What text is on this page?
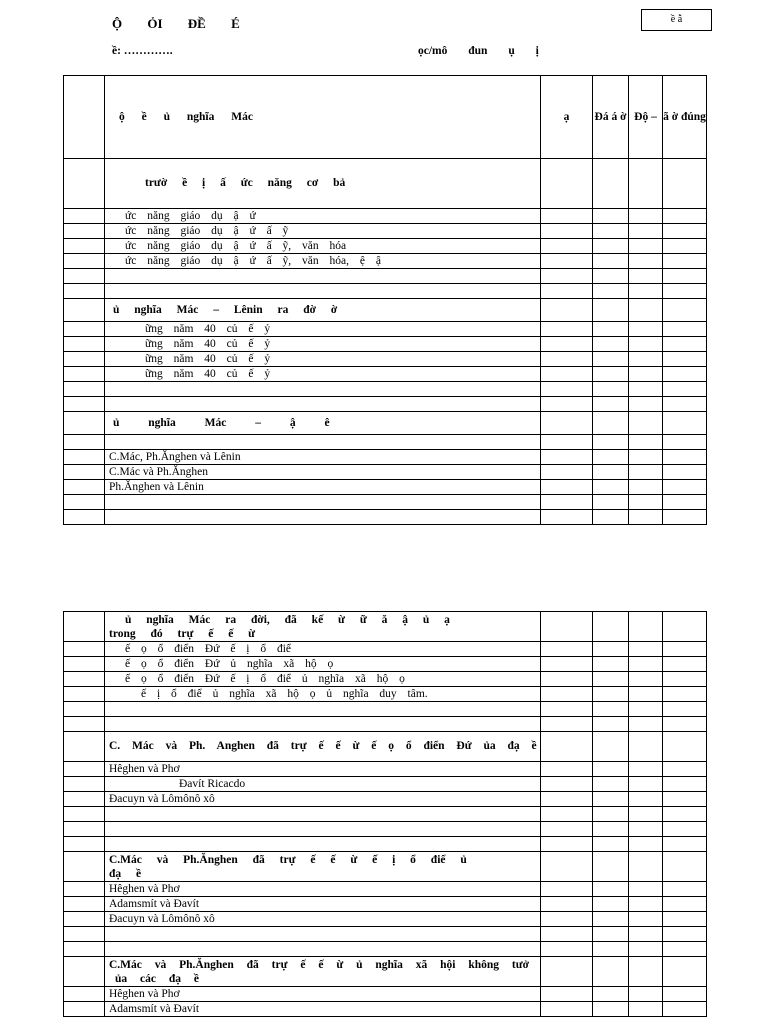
Ộ ỎI ĐỀ É	ề ẫ
ề: ………….	ọc/mô đun ụ ị
	ộ ề ủ nghĩa Mác	ạ	Đá á ờ	Độ –	ã ờ đúng
	trườ ề ị ấ ức năng cơ bả				
	ức năng giáo dụ ậ ứ				
	ức năng giáo dụ ậ ứ ấ ỹ				
	ức năng giáo dụ ậ ứ ấ ỹ, văn hóa				
	ức năng giáo dụ ậ ứ ấ ỹ, văn hóa, ệ ậ				

	ủ nghĩa Mác – Lênin ra đờ ờ				
	ững năm 40 củ ế ỷ				
	ững năm 40 củ ế ỷ				
	ững năm 40 củ ế ỷ				
	ững năm 40 củ ế ỷ				

	ủ nghĩa Mác – ậ ê				

	C.Mác, Ph.Ănghen và Lênin				
	C.Mác và Ph.Ănghen				
	Ph.Ănghen và Lênin				

	ủ nghĩa Mác ra đời, đã kế ừ ữ ă ậ ủ ạ
trong đó trự ế ế ừ				
	ế ọ ổ điển Đứ ế ị ổ điể				
	ế ọ ổ điển Đứ ủ nghĩa xã hộ ọ				
	ế ọ ổ điển Đứ ế ị ổ điể ủ nghĩa xã hộ ọ				
	ế ị ổ điể ủ nghĩa xã hộ ọ ủ nghĩa duy tâm.				

	C. Mác và Ph. Anghen đã trự ế ế ừ ế ọ ổ điển Đứ ủa đạ ề				
	Hêghen và Phơ				
	Đavít Ricacdo				
	Đacuyn và Lômônô xô				

	C.Mác và Ph.Ănghen đã trự ế ế ừ ế ị ổ điể ủ
đạ ề				
	Hêghen và Phơ				
	Adamsmít và Đavít				
	Đacuyn và Lômônô xô				

	C.Mác và Ph.Ănghen đã trự ế ế ừ ủ nghĩa xã hội không tưở
ủa các đạ ề				
	Hêghen và Phơ				
	Adamsmít và Đavít				
